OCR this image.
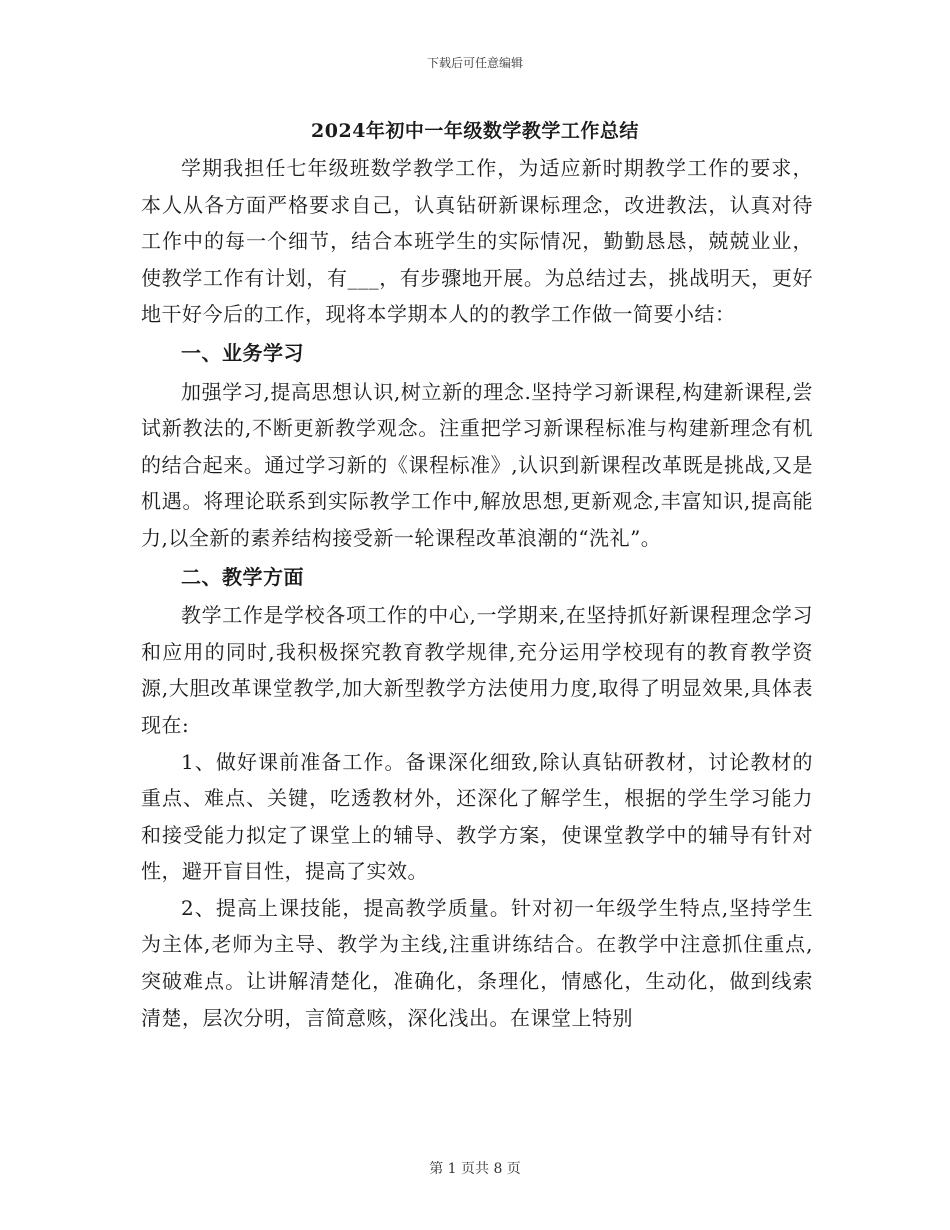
下载后可任意编辑
2024年初中一年级数学教学工作总结

学期我担任七年级班数学教学工作，为适应新时期教学工作的要求，本人从各方面严格要求自己，认真钻研新课标理念，改进教法，认真对待工作中的每一个细节，结合本班学生的实际情况，勤勤恳恳，兢兢业业，使教学工作有计划，有___，有步骤地开展。为总结过去，挑战明天，更好地干好今后的工作，现将本学期本人的的教学工作做一简要小结：

一、业务学习

加强学习,提高思想认识,树立新的理念.坚持学习新课程,构建新课程,尝试新教法的,不断更新教学观念。注重把学习新课程标准与构建新理念有机的结合起来。通过学习新的《课程标准》,认识到新课程改革既是挑战,又是机遇。将理论联系到实际教学工作中,解放思想,更新观念,丰富知识,提高能力,以全新的素养结构接受新一轮课程改革浪潮的“洗礼”。

二、教学方面

教学工作是学校各项工作的中心,一学期来,在坚持抓好新课程理念学习和应用的同时,我积极探究教育教学规律,充分运用学校现有的教育教学资源,大胆改革课堂教学,加大新型教学方法使用力度,取得了明显效果,具体表现在:

1、做好课前准备工作。备课深化细致,除认真钻研教材，讨论教材的重点、难点、关键，吃透教材外，还深化了解学生，根据的学生学习能力和接受能力拟定了课堂上的辅导、教学方案，使课堂教学中的辅导有针对性，避开盲目性，提高了实效。

2、提高上课技能，提高教学质量。针对初一年级学生特点,坚持学生为主体,老师为主导、教学为主线,注重讲练结合。在教学中注意抓住重点,突破难点。让讲解清楚化，准确化，条理化，情感化，生动化，做到线索清楚，层次分明，言简意赅，深化浅出。在课堂上特别

第 1 页共 8 页
